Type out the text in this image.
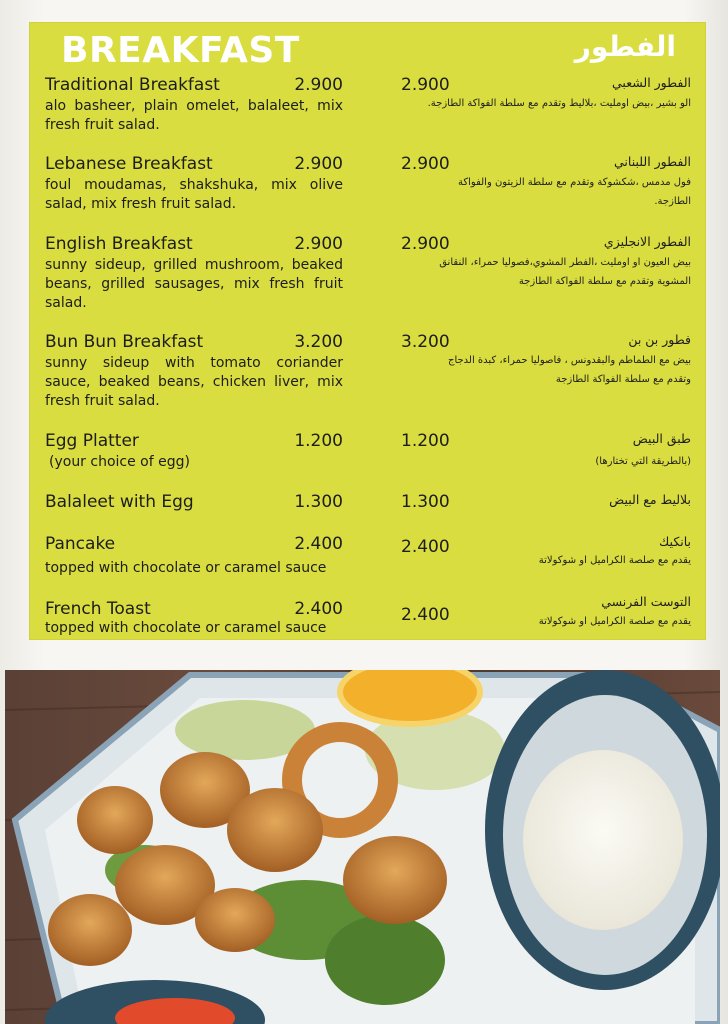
BREAKFAST	الفطور
Traditional Breakfast	2.900
alo basheer, plain omelet, balaleet, mix fresh fruit salad.
2.900	الفطور الشعبي
الو بشير ،بيض اومليت ،بلاليط وتقدم مع سلطة الفواكة الطازجة.
Lebanese Breakfast	2.900
foul moudamas, shakshuka, mix olive salad, mix fresh fruit salad.
2.900	الفطور اللبناني
فول مدمس ،شكشوكة وتقدم مع سلطة الزيتون والفواكة الطازجة.
English Breakfast	2.900
sunny sideup, grilled mushroom, beaked beans, grilled sausages, mix fresh fruit salad.
2.900	الفطور الانجليزي
بيض العيون او اومليت ،الفطر المشوي،فصوليا حمراء، النقانق المشوية وتقدم مع سلطة الفواكة الطازجة
Bun Bun Breakfast	3.200
sunny sideup with tomato coriander sauce, beaked beans, chicken liver, mix fresh fruit salad.
3.200	فطور بن بن
بيض مع الطماطم والبقدونس ، فاصوليا حمراء، كبدة الدجاج وتقدم مع سلطة الفواكة الطازجة
Egg Platter	1.200
(your choice of egg)
1.200	طبق البيض
(بالطريقة التي تختارها)
Balaleet with Egg	1.300	1.300	بلاليط مع البيض
Pancake	2.400
topped with chocolate or caramel sauce
2.400	بانكيك
يقدم مع صلصة الكراميل او شوكولاتة
French Toast	2.400
topped with chocolate or caramel sauce
2.400
التوست الفرنسي
يقدم مع صلصة الكراميل او شوكولاتة
